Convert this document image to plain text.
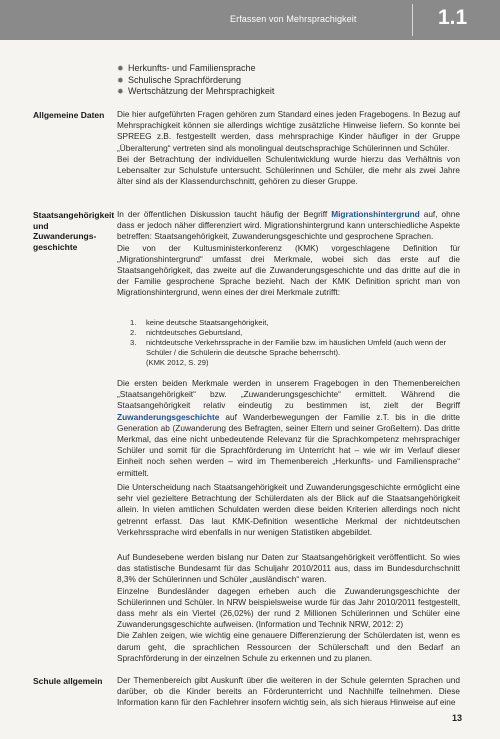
Erfassen von Mehrsprachigkeit	1.1
✹ Herkunfts- und Familiensprache
✹ Schulische Sprachförderung
✹ Wertschätzung der Mehrsprachigkeit
Allgemeine Daten	Die hier aufgeführten Fragen gehören zum Standard eines jeden Fragebogens. In Bezug auf Mehrsprachigkeit können sie allerdings wichtige zusätzliche Hinweise liefern. So konnte bei SPREEG z.B. festgestellt werden, dass mehrsprachige Kinder häufiger in der Gruppe „Überalterung“ vertreten sind als monolingual deutschsprachige Schülerinnen und Schüler.

Bei der Betrachtung der individuellen Schulentwicklung wurde hierzu das Verhältnis von Lebensalter zur Schulstufe untersucht. Schülerinnen und Schüler, die mehr als zwei Jahre älter sind als der Klassendurchschnitt, gehören zu dieser Gruppe.

Staatsangehörigkeit
und Zuwanderungs-
geschichte

In der öffentlichen Diskussion taucht häufig der Begriff Migrationshintergrund auf, ohne dass er jedoch näher differenziert wird. Migrationshintergrund kann unterschiedliche Aspekte betreffen: Staatsangehörigkeit, Zuwanderungsgeschichte und gesprochene Sprachen.

Die von der Kultusministerkonferenz (KMK) vorgeschlagene Definition für „Migrationshintergrund“ umfasst drei Merkmale, wobei sich das erste auf die Staatsangehörigkeit, das zweite auf die Zuwanderungsgeschichte und das dritte auf die in der Familie gesprochene Sprache bezieht. Nach der KMK Definition spricht man von Migrationshintergrund, wenn eines der drei Merkmale zutrifft:

1. keine deutsche Staatsangehörigkeit,
2. nichtdeutsches Geburtsland,
3. nichtdeutsche Verkehrssprache in der Familie bzw. im häuslichen Umfeld (auch wenn der Schüler / die Schülerin die deutsche Sprache beherrscht).
(KMK 2012, S. 29)

Die ersten beiden Merkmale werden in unserem Fragebogen in den Themenbereichen „Staatsangehörigkeit“ bzw. „Zuwanderungsgeschichte“ ermittelt. Während die Staatsangehörigkeit relativ eindeutig zu bestimmen ist, zielt der Begriff Zuwanderungsgeschichte auf Wanderbewegungen der Familie z.T. bis in die dritte Generation ab (Zuwanderung des Befragten, seiner Eltern und seiner Großeltern). Das dritte Merkmal, das eine nicht unbedeutende Relevanz für die Sprachkompetenz mehrsprachiger Schüler und somit für die Sprachförderung im Unterricht hat – wie wir im Verlauf dieser Einheit noch sehen werden – wird im Themenbereich „Herkunfts- und Familiensprache“ ermittelt.

Die Unterscheidung nach Staatsangehörigkeit und Zuwanderungsgeschichte ermöglicht eine sehr viel gezieltere Betrachtung der Schülerdaten als der Blick auf die Staatsangehörigkeit allein. In vielen amtlichen Schuldaten werden diese beiden Kriterien allerdings noch nicht getrennt erfasst. Das laut KMK-Definition wesentliche Merkmal der nichtdeutschen Verkehrssprache wird ebenfalls in nur wenigen Statistiken abgebildet.

Auf Bundesebene werden bislang nur Daten zur Staatsangehörigkeit veröffentlicht. So wies das statistische Bundesamt für das Schuljahr 2010/2011 aus, dass im Bundesdurchschnitt 8,3% der Schülerinnen und Schüler „ausländisch“ waren.

Einzelne Bundesländer dagegen erheben auch die Zuwanderungsgeschichte der Schülerinnen und Schüler. In NRW beispielsweise wurde für das Jahr 2010/2011 festgestellt, dass mehr als ein Viertel (26,02%) der rund 2 Millionen Schülerinnen und Schüler eine Zuwanderungsgeschichte aufweisen. (Information und Technik NRW, 2012: 2)

Die Zahlen zeigen, wie wichtig eine genauere Differenzierung der Schülerdaten ist, wenn es darum geht, die sprachlichen Ressourcen der Schülerschaft und den Bedarf an Sprachförderung in der einzelnen Schule zu erkennen und zu planen.

Schule allgemein	Der Themenbereich gibt Auskunft über die weiteren in der Schule gelernten Sprachen und darüber, ob die Kinder bereits an Förderunterricht und Nachhilfe teilnehmen. Diese Information kann für den Fachlehrer insofern wichtig sein, als sich hieraus Hinweise auf eine

13
